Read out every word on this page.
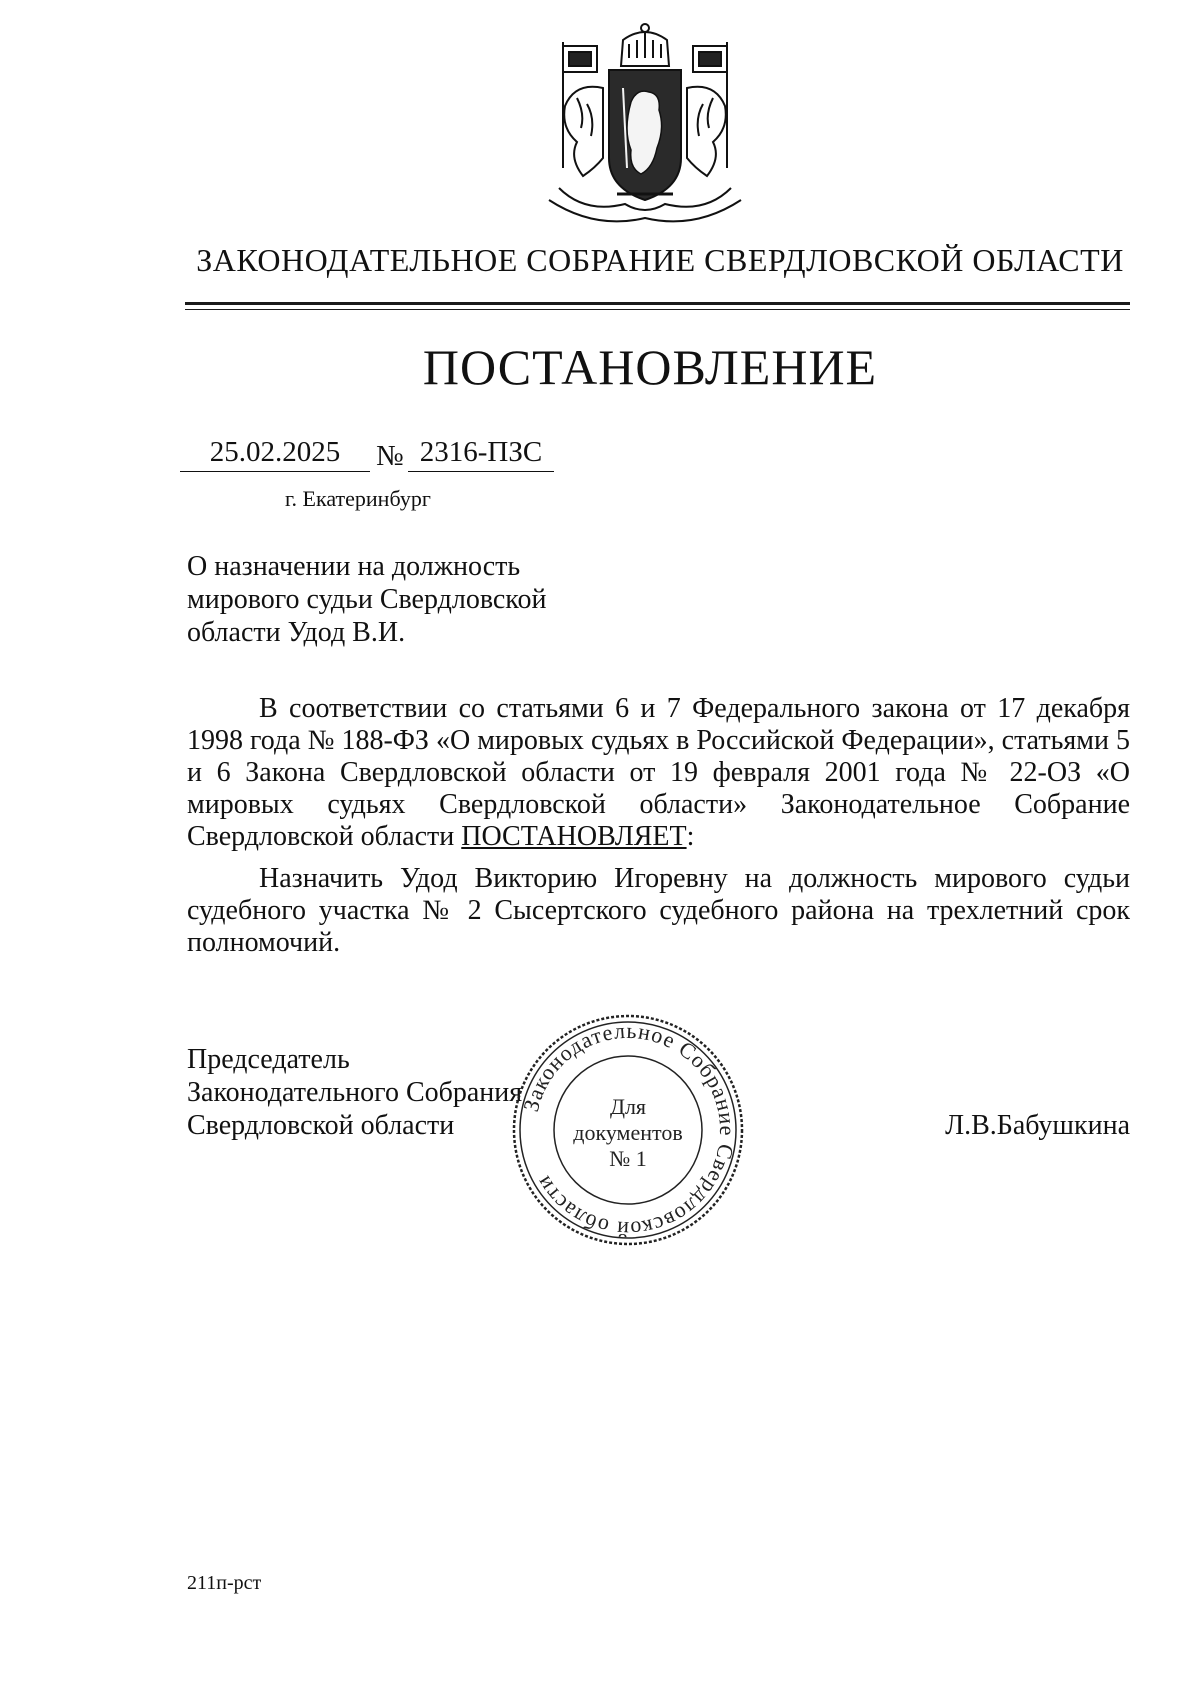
ЗАКОНОДАТЕЛЬНОЕ СОБРАНИЕ СВЕРДЛОВСКОЙ ОБЛАСТИ
ПОСТАНОВЛЕНИЕ
25.02.2025	№ 2316-ПЗС
г. Екатеринбург
О назначении на должность
мирового судьи Свердловской
области Удод В.И.

В соответствии со статьями 6 и 7 Федерального закона от 17 декабря 1998 года № 188-ФЗ «О мировых судьях в Российской Федерации», статьями 5 и 6 Закона Свердловской области от 19 февраля 2001 года № 22-ОЗ «О мировых судьях Свердловской области» Законодательное Собрание Свердловской области ПОСТАНОВЛЯЕТ:

Назначить Удод Викторию Игоревну на должность мирового судьи судебного участка № 2 Сысертского судебного района на трехлетний срок полномочий.

Председатель
Законодательного Собрания
Свердловской области
Законодательное Собрание Свердловской области
Для
документов
№ 1
Л.В.Бабушкина
211п-рст
